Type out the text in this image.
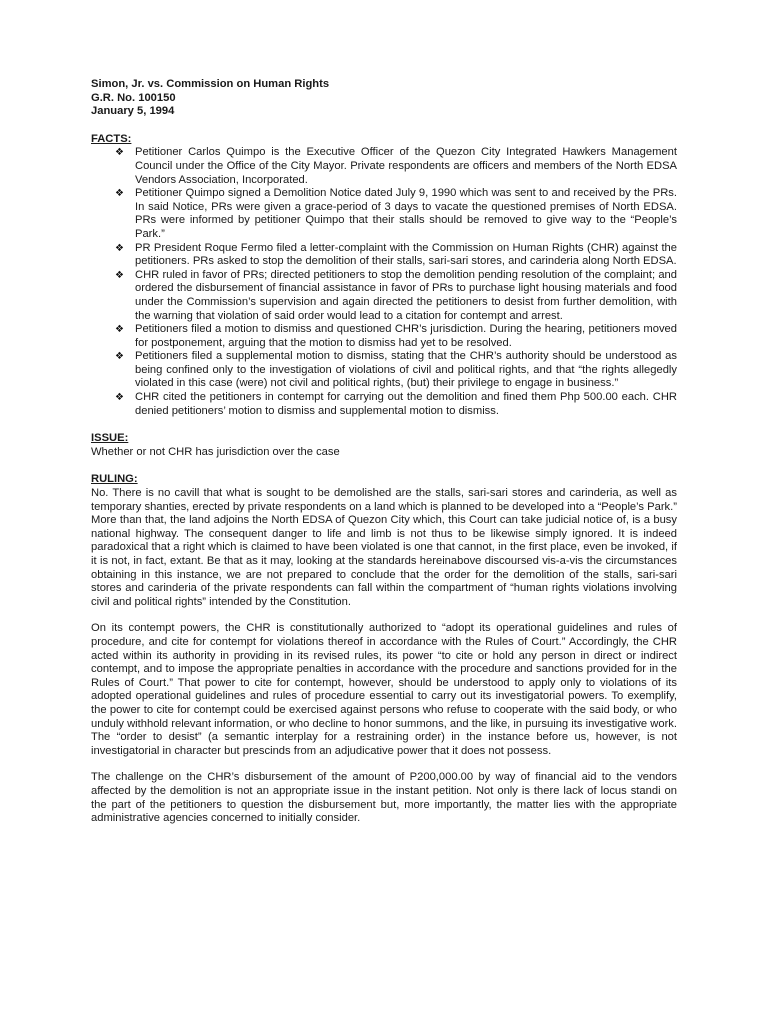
Simon, Jr. vs. Commission on Human Rights
G.R. No. 100150
January 5, 1994
FACTS:
❖ Petitioner Carlos Quimpo is the Executive Officer of the Quezon City Integrated Hawkers Management Council under the Office of the City Mayor. Private respondents are officers and members of the North EDSA Vendors Association, Incorporated.
❖ Petitioner Quimpo signed a Demolition Notice dated July 9, 1990 which was sent to and received by the PRs. In said Notice, PRs were given a grace-period of 3 days to vacate the questioned premises of North EDSA. PRs were informed by petitioner Quimpo that their stalls should be removed to give way to the “People’s Park.”
❖ PR President Roque Fermo filed a letter-complaint with the Commission on Human Rights (CHR) against the petitioners. PRs asked to stop the demolition of their stalls, sari-sari stores, and carinderia along North EDSA.
❖ CHR ruled in favor of PRs; directed petitioners to stop the demolition pending resolution of the complaint; and ordered the disbursement of financial assistance in favor of PRs to purchase light housing materials and food under the Commission’s supervision and again directed the petitioners to desist from further demolition, with the warning that violation of said order would lead to a citation for contempt and arrest.
❖ Petitioners filed a motion to dismiss and questioned CHR’s jurisdiction. During the hearing, petitioners moved for postponement, arguing that the motion to dismiss had yet to be resolved.
❖ Petitioners filed a supplemental motion to dismiss, stating that the CHR’s authority should be understood as being confined only to the investigation of violations of civil and political rights, and that “the rights allegedly violated in this case (were) not civil and political rights, (but) their privilege to engage in business.”
❖ CHR cited the petitioners in contempt for carrying out the demolition and fined them Php 500.00 each. CHR denied petitioners’ motion to dismiss and supplemental motion to dismiss.
ISSUE:
Whether or not CHR has jurisdiction over the case
RULING:

No. There is no cavill that what is sought to be demolished are the stalls, sari-sari stores and carinderia, as well as temporary shanties, erected by private respondents on a land which is planned to be developed into a “People’s Park.” More than that, the land adjoins the North EDSA of Quezon City which, this Court can take judicial notice of, is a busy national highway. The consequent danger to life and limb is not thus to be likewise simply ignored. It is indeed paradoxical that a right which is claimed to have been violated is one that cannot, in the first place, even be invoked, if it is not, in fact, extant. Be that as it may, looking at the standards hereinabove discoursed vis-a-vis the circumstances obtaining in this instance, we are not prepared to conclude that the order for the demolition of the stalls, sari-sari stores and carinderia of the private respondents can fall within the compartment of “human rights violations involving civil and political rights” intended by the Constitution.

On its contempt powers, the CHR is constitutionally authorized to “adopt its operational guidelines and rules of procedure, and cite for contempt for violations thereof in accordance with the Rules of Court.” Accordingly, the CHR acted within its authority in providing in its revised rules, its power “to cite or hold any person in direct or indirect contempt, and to impose the appropriate penalties in accordance with the procedure and sanctions provided for in the Rules of Court.” That power to cite for contempt, however, should be understood to apply only to violations of its adopted operational guidelines and rules of procedure essential to carry out its investigatorial powers. To exemplify, the power to cite for contempt could be exercised against persons who refuse to cooperate with the said body, or who unduly withhold relevant information, or who decline to honor summons, and the like, in pursuing its investigative work. The “order to desist” (a semantic interplay for a restraining order) in the instance before us, however, is not investigatorial in character but prescinds from an adjudicative power that it does not possess.

The challenge on the CHR’s disbursement of the amount of P200,000.00 by way of financial aid to the vendors affected by the demolition is not an appropriate issue in the instant petition. Not only is there lack of locus standi on the part of the petitioners to question the disbursement but, more importantly, the matter lies with the appropriate administrative agencies concerned to initially consider.
